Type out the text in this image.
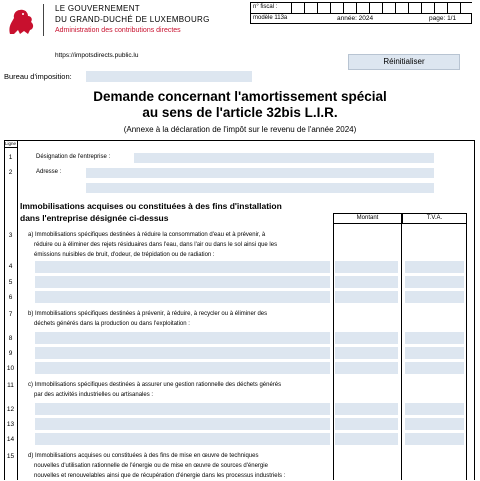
LE GOUVERNEMENT
DU GRAND-DUCHÉ DE LUXEMBOURG
Administration des contributions directes
https://impotsdirects.public.lu
n° fiscal :
modèle 113a	année: 2024	page: 1/1
Réinitialiser
Bureau d'imposition:
Demande concernant l'amortissement spécial
au sens de l'article 32bis L.I.R.
(Annexe à la déclaration de l'impôt sur le revenu de l'année 2024)
Ligne
1	Désignation de l'entreprise :
2	Adresse :
Immobilisations acquises ou constituées à des fins d'installation
dans l'entreprise désignée ci-dessus	Montant	T.V.A.
3	a) Immobilisations spécifiques destinées à réduire la consommation d'eau et à prévenir, à
réduire ou à éliminer des rejets résiduaires dans l'eau, dans l'air ou dans le sol ainsi que les
émissions nuisibles de bruit, d'odeur, de trépidation ou de radiation :
4
5
6
7	b) Immobilisations spécifiques destinées à prévenir, à réduire, à recycler ou à éliminer des
déchets générés dans la production ou dans l'exploitation :
8
9
10
11	c) Immobilisations spécifiques destinées à assurer une gestion rationnelle des déchets générés
par des activités industrielles ou artisanales :
12
13
14
15	d) Immobilisations acquises ou constituées à des fins de mise en œuvre de techniques
nouvelles d'utilisation rationnelle de l'énergie ou de mise en œuvre de sources d'énergie
nouvelles et renouvelables ainsi que de récupération d'énergie dans les processus industriels :
